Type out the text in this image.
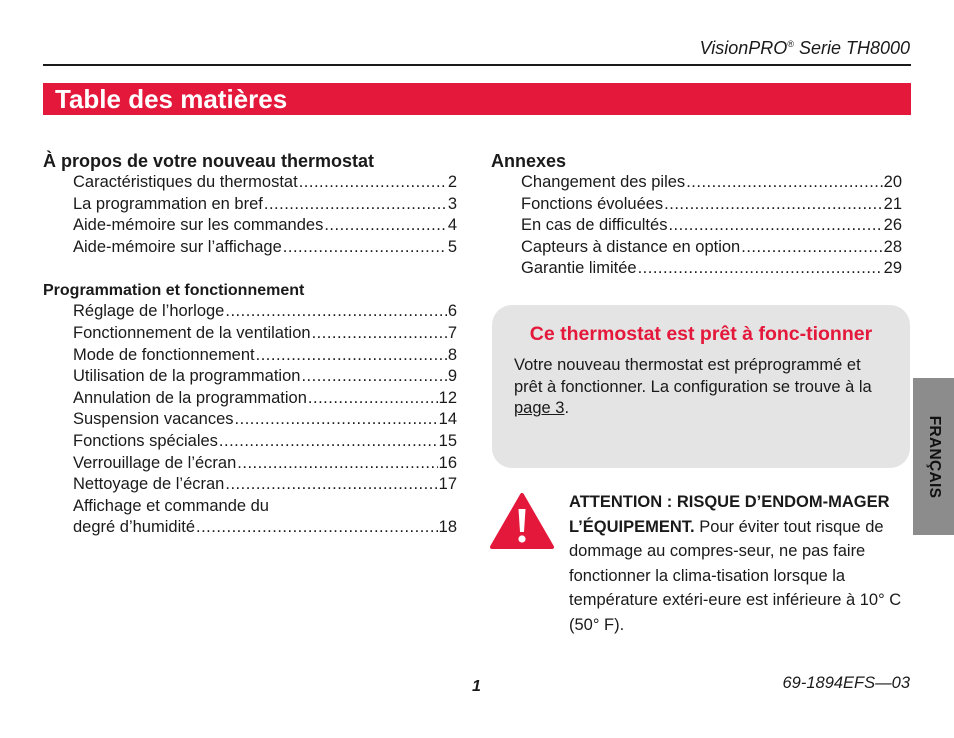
VisionPRO® Serie TH8000
Table des matières
À propos de votre nouveau thermostat
Caractéristiques du thermostat .....	2
La programmation en bref .....	3
Aide-mémoire sur les commandes .....	4
Aide-mémoire sur l’affichage .....	5
Programmation et fonctionnement
Réglage de l’horloge .....	6
Fonctionnement de la ventilation .....	7
Mode de fonctionnement .....	8
Utilisation de la programmation .....	9
Annulation de la programmation .....	12
Suspension vacances .....	14
Fonctions spéciales .....	15
Verrouillage de l’écran .....	16
Nettoyage de l’écran .....	17
Affichage et commande du
degré d’humidité .....	18
Annexes
Changement des piles .....	20
Fonctions évoluées .....	21
En cas de difficultés .....	26
Capteurs à distance en option .....	28
Garantie limitée .....	29
Ce thermostat est prêt à fonc-tionner

Votre nouveau thermostat est préprogrammé et prêt à fonctionner. La configuration se trouve à la page 3.

ATTENTION : RISQUE D’ENDOM-MAGER L’ÉQUIPEMENT. Pour éviter tout risque de dommage au compres-seur, ne pas faire fonctionner la clima-tisation lorsque la température extéri-eure est inférieure à 10° C (50° F).

FRANÇAIS
1	69-1894EFS—03
